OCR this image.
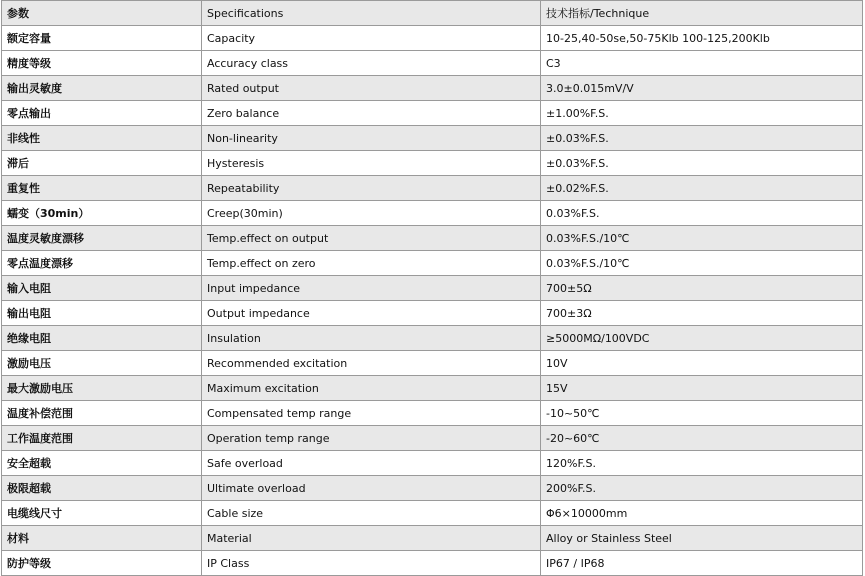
参数	Specifications	技术指标/Technique
额定容量	Capacity	10-25,40-50se,50-75Klb 100-125,200Klb
精度等级	Accuracy class	C3
输出灵敏度	Rated output	3.0±0.015mV/V
零点输出	Zero balance	±1.00%F.S.
非线性	Non-linearity	±0.03%F.S.
滞后	Hysteresis	±0.03%F.S.
重复性	Repeatability	±0.02%F.S.
蠕变（30min）	Creep(30min)	0.03%F.S.
温度灵敏度漂移	Temp.effect on output	0.03%F.S./10℃
零点温度漂移	Temp.effect on zero	0.03%F.S./10℃
输入电阻	Input impedance	700±5Ω
输出电阻	Output impedance	700±3Ω
绝缘电阻	Insulation	≥5000MΩ/100VDC
激励电压	Recommended excitation	10V
最大激励电压	Maximum excitation	15V
温度补偿范围	Compensated temp range	-10~50℃
工作温度范围	Operation temp range	-20~60℃
安全超载	Safe overload	120%F.S.
极限超载	Ultimate overload	200%F.S.
电缆线尺寸	Cable size	Φ6×10000mm
材料	Material	Alloy or Stainless Steel
防护等级	IP Class	IP67 / IP68
